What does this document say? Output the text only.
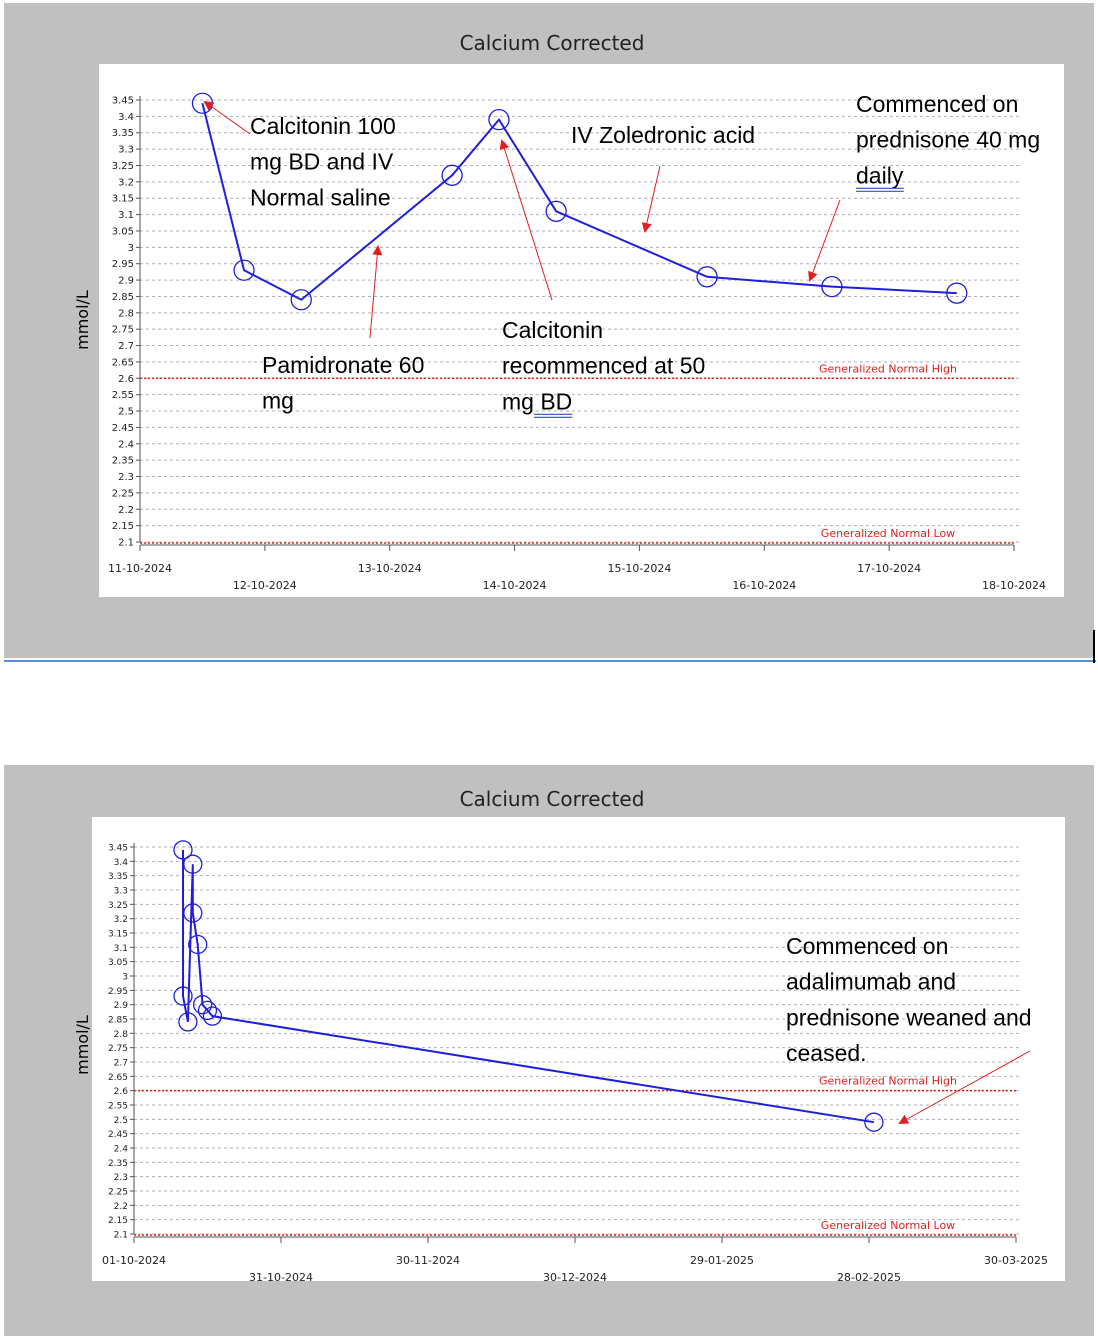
Calcium Corrected
mmol/L
3.45
3.4
3.35
3.3
3.25
3.2
3.15
3.1
3.05
3
2.95
2.9
2.85
2.8
2.75
2.7
2.65
2.6
2.55
2.5
2.45
2.4
2.35
2.3
2.25
2.2
2.15
2.1
Generalized Normal High
Generalized Normal Low
11-10-2024
12-10-2024
13-10-2024
14-10-2024
15-10-2024
16-10-2024
17-10-2024
18-10-2024
Calcitonin 100
mg BD and IV
Normal saline
Pamidronate 60
mg
Calcitonin
recommenced at 50
mg BD
IV Zoledronic acid
Commenced on
prednisone 40 mg
daily
Calcium Corrected
mmol/L
3.45
3.4
3.35
3.3
3.25
3.2
3.15
3.1
3.05
3
2.95
2.9
2.85
2.8
2.75
2.7
2.65
2.6
2.55
2.5
2.45
2.4
2.35
2.3
2.25
2.2
2.15
2.1
Generalized Normal High
Generalized Normal Low
01-10-2024
31-10-2024
30-11-2024
30-12-2024
29-01-2025
28-02-2025
30-03-2025
Commenced on
adalimumab and
prednisone weaned and
ceased.
